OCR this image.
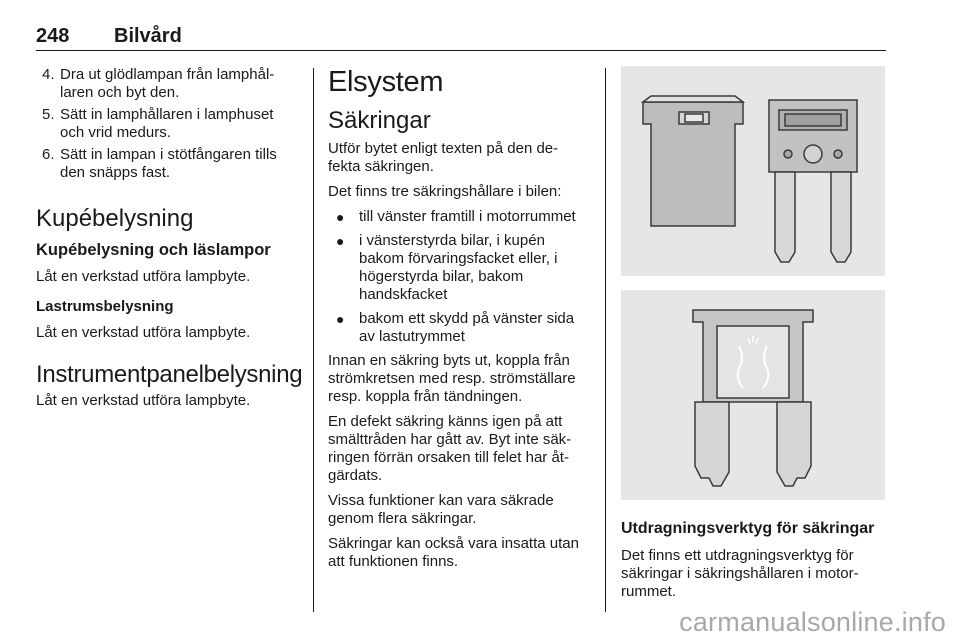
248 Bilvård
4. Dra ut glödlampan från lamphål-laren och byt den.
5. Sätt in lamphållaren i lamphuset och vrid medurs.
6. Sätt in lampan i stötfångaren tills den snäpps fast.
Kupébelysning
Kupébelysning och läslampor

Låt en verkstad utföra lampbyte.

Lastrumsbelysning

Låt en verkstad utföra lampbyte.

Instrumentpanelbelysning

Låt en verkstad utföra lampbyte.

Elsystem
Säkringar

Utför bytet enligt texten på den de-fekta säkringen.

Det finns tre säkringshållare i bilen:

● till vänster framtill i motorrummet
● i vänsterstyrda bilar, i kupén bakom förvaringsfacket eller, i högerstyrda bilar, bakom handskfacket
● bakom ett skydd på vänster sida av lastutrymmet

Innan en säkring byts ut, koppla från strömkretsen med resp. strömställare resp. koppla från tändningen.

En defekt säkring känns igen på att smälttråden har gått av. Byt inte säk-ringen förrän orsaken till felet har åt-gärdats.

Vissa funktioner kan vara säkrade genom flera säkringar.

Säkringar kan också vara insatta utan att funktionen finns.

Utdragningsverktyg för säkringar

Det finns ett utdragningsverktyg för säkringar i säkringshållaren i motor-rummet.

carmanualsonline.info
